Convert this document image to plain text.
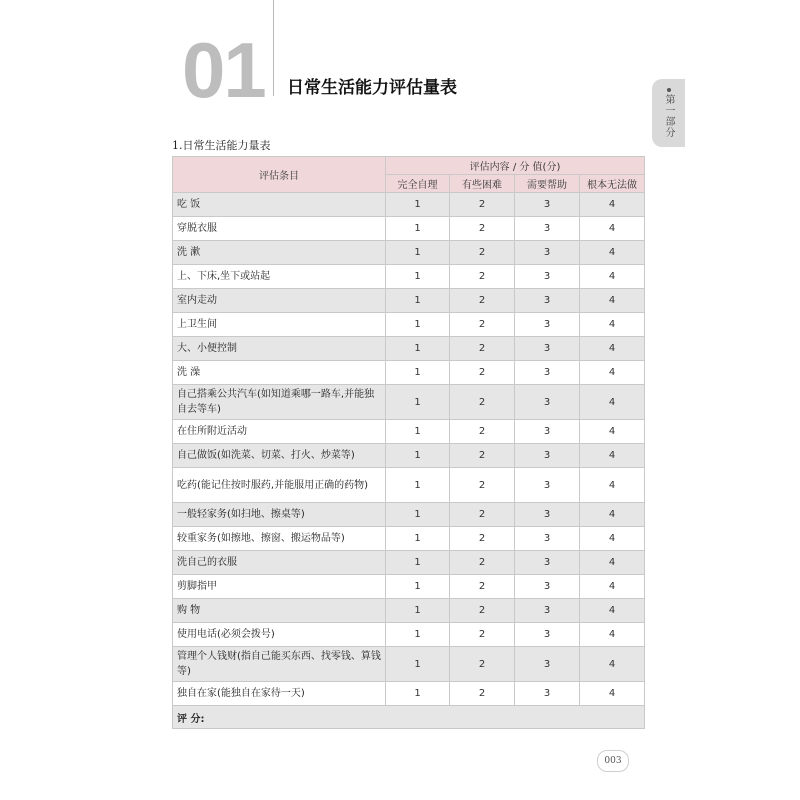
01 日常生活能力评估量表
第一部分
1.日常生活能力量表
评估条目	评估内容 / 分 值(分)			
	完全自理	有些困难	需要帮助	根本无法做
吃 饭	1	2	3	4
穿脱衣服	1	2	3	4
洗 漱	1	2	3	4
上、下床,坐下或站起	1	2	3	4
室内走动	1	2	3	4
上卫生间	1	2	3	4
大、小便控制	1	2	3	4
洗 澡	1	2	3	4
自己搭乘公共汽车(如知道乘哪一路车,并能独自去等车)	1	2	3	4
在住所附近活动	1	2	3	4
自己做饭(如洗菜、切菜、打火、炒菜等)	1	2	3	4
吃药(能记住按时服药,并能服用正确的药物)	1	2	3	4
一般轻家务(如扫地、擦桌等)	1	2	3	4
较重家务(如擦地、擦窗、搬运物品等)	1	2	3	4
洗自己的衣服	1	2	3	4
剪脚指甲	1	2	3	4
购 物	1	2	3	4
使用电话(必须会拨号)	1	2	3	4
管理个人钱财(指自己能买东西、找零钱、算钱等)	1	2	3	4
独自在家(能独自在家待一天)	1	2	3	4
评 分:				
003
